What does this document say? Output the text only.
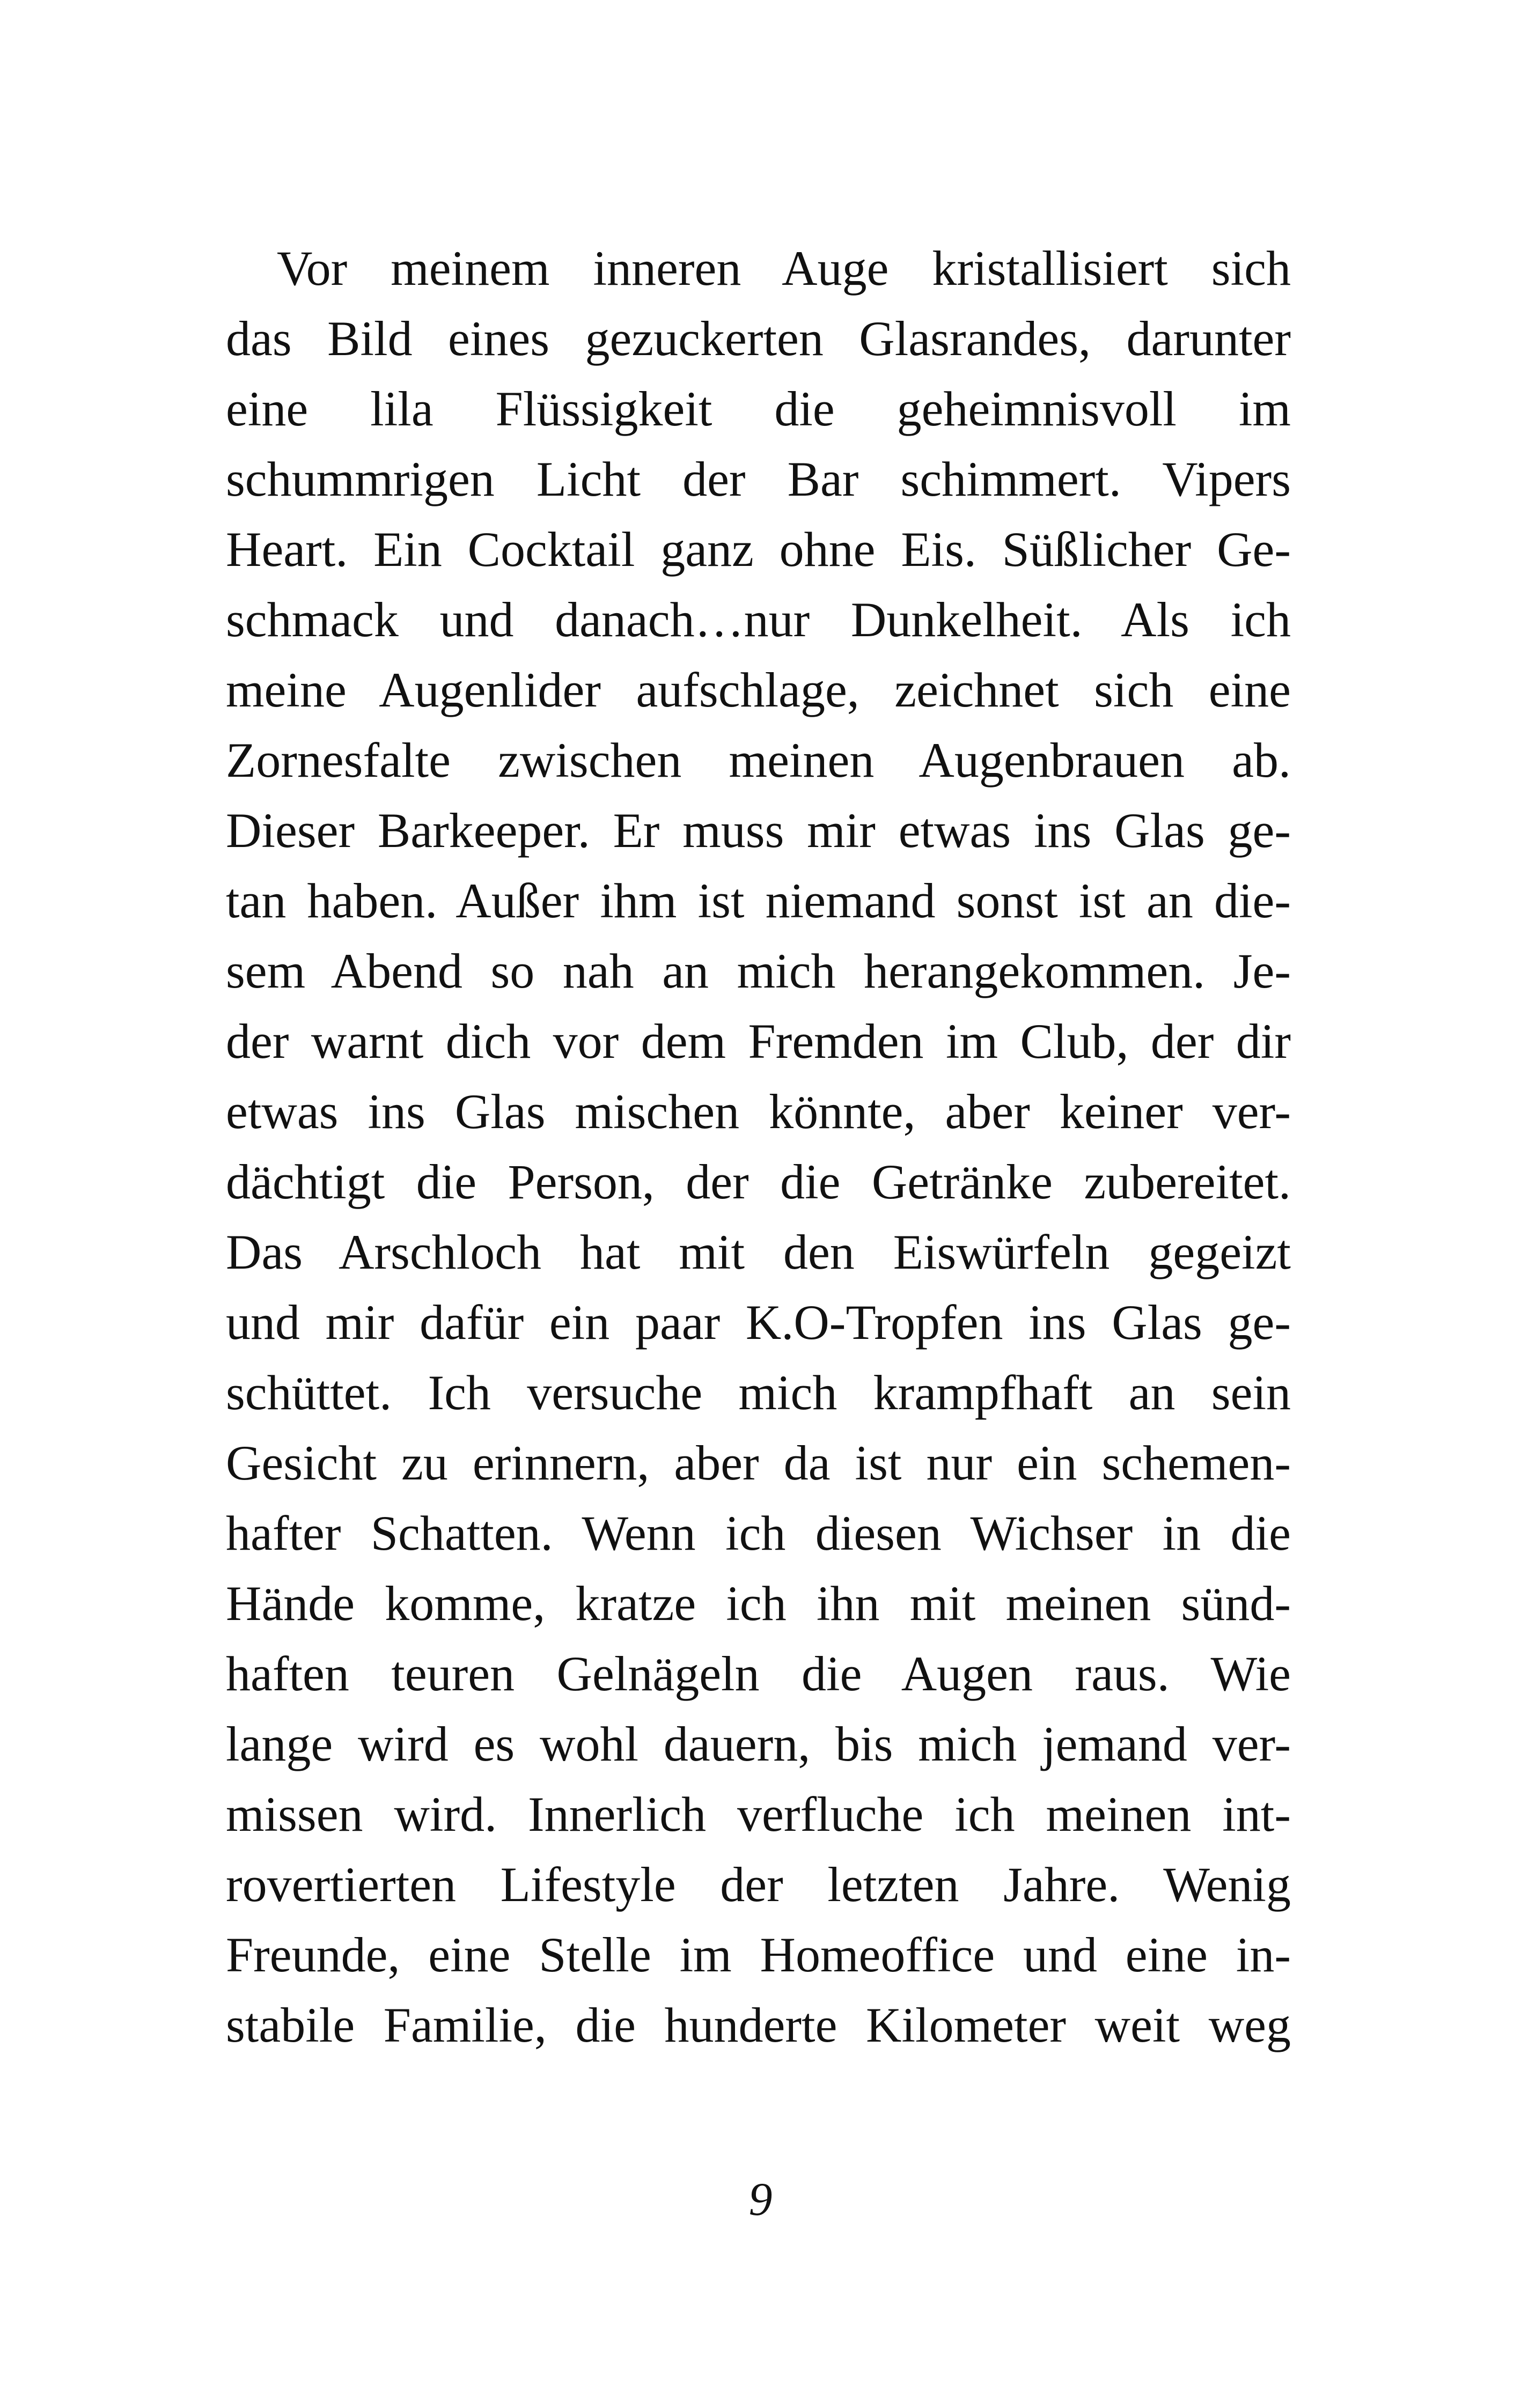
Vor meinem inneren Auge kristallisiert sich
das Bild eines gezuckerten Glasrandes, darunter
eine lila Flüssigkeit die geheimnisvoll im
schummrigen Licht der Bar schimmert. Vipers
Heart. Ein Cocktail ganz ohne Eis. Süßlicher Ge-
schmack und danach…nur Dunkelheit. Als ich
meine Augenlider aufschlage, zeichnet sich eine
Zornesfalte zwischen meinen Augenbrauen ab.
Dieser Barkeeper. Er muss mir etwas ins Glas ge-
tan haben. Außer ihm ist niemand sonst ist an die-
sem Abend so nah an mich herangekommen. Je-
der warnt dich vor dem Fremden im Club, der dir
etwas ins Glas mischen könnte, aber keiner ver-
dächtigt die Person, der die Getränke zubereitet.
Das Arschloch hat mit den Eiswürfeln gegeizt
und mir dafür ein paar K.O-Tropfen ins Glas ge-
schüttet. Ich versuche mich krampfhaft an sein
Gesicht zu erinnern, aber da ist nur ein schemen-
hafter Schatten. Wenn ich diesen Wichser in die
Hände komme, kratze ich ihn mit meinen sünd-
haften teuren Gelnägeln die Augen raus. Wie
lange wird es wohl dauern, bis mich jemand ver-
missen wird. Innerlich verfluche ich meinen int-
rovertierten Lifestyle der letzten Jahre. Wenig
Freunde, eine Stelle im Homeoffice und eine in-
stabile Familie, die hunderte Kilometer weit weg
9
